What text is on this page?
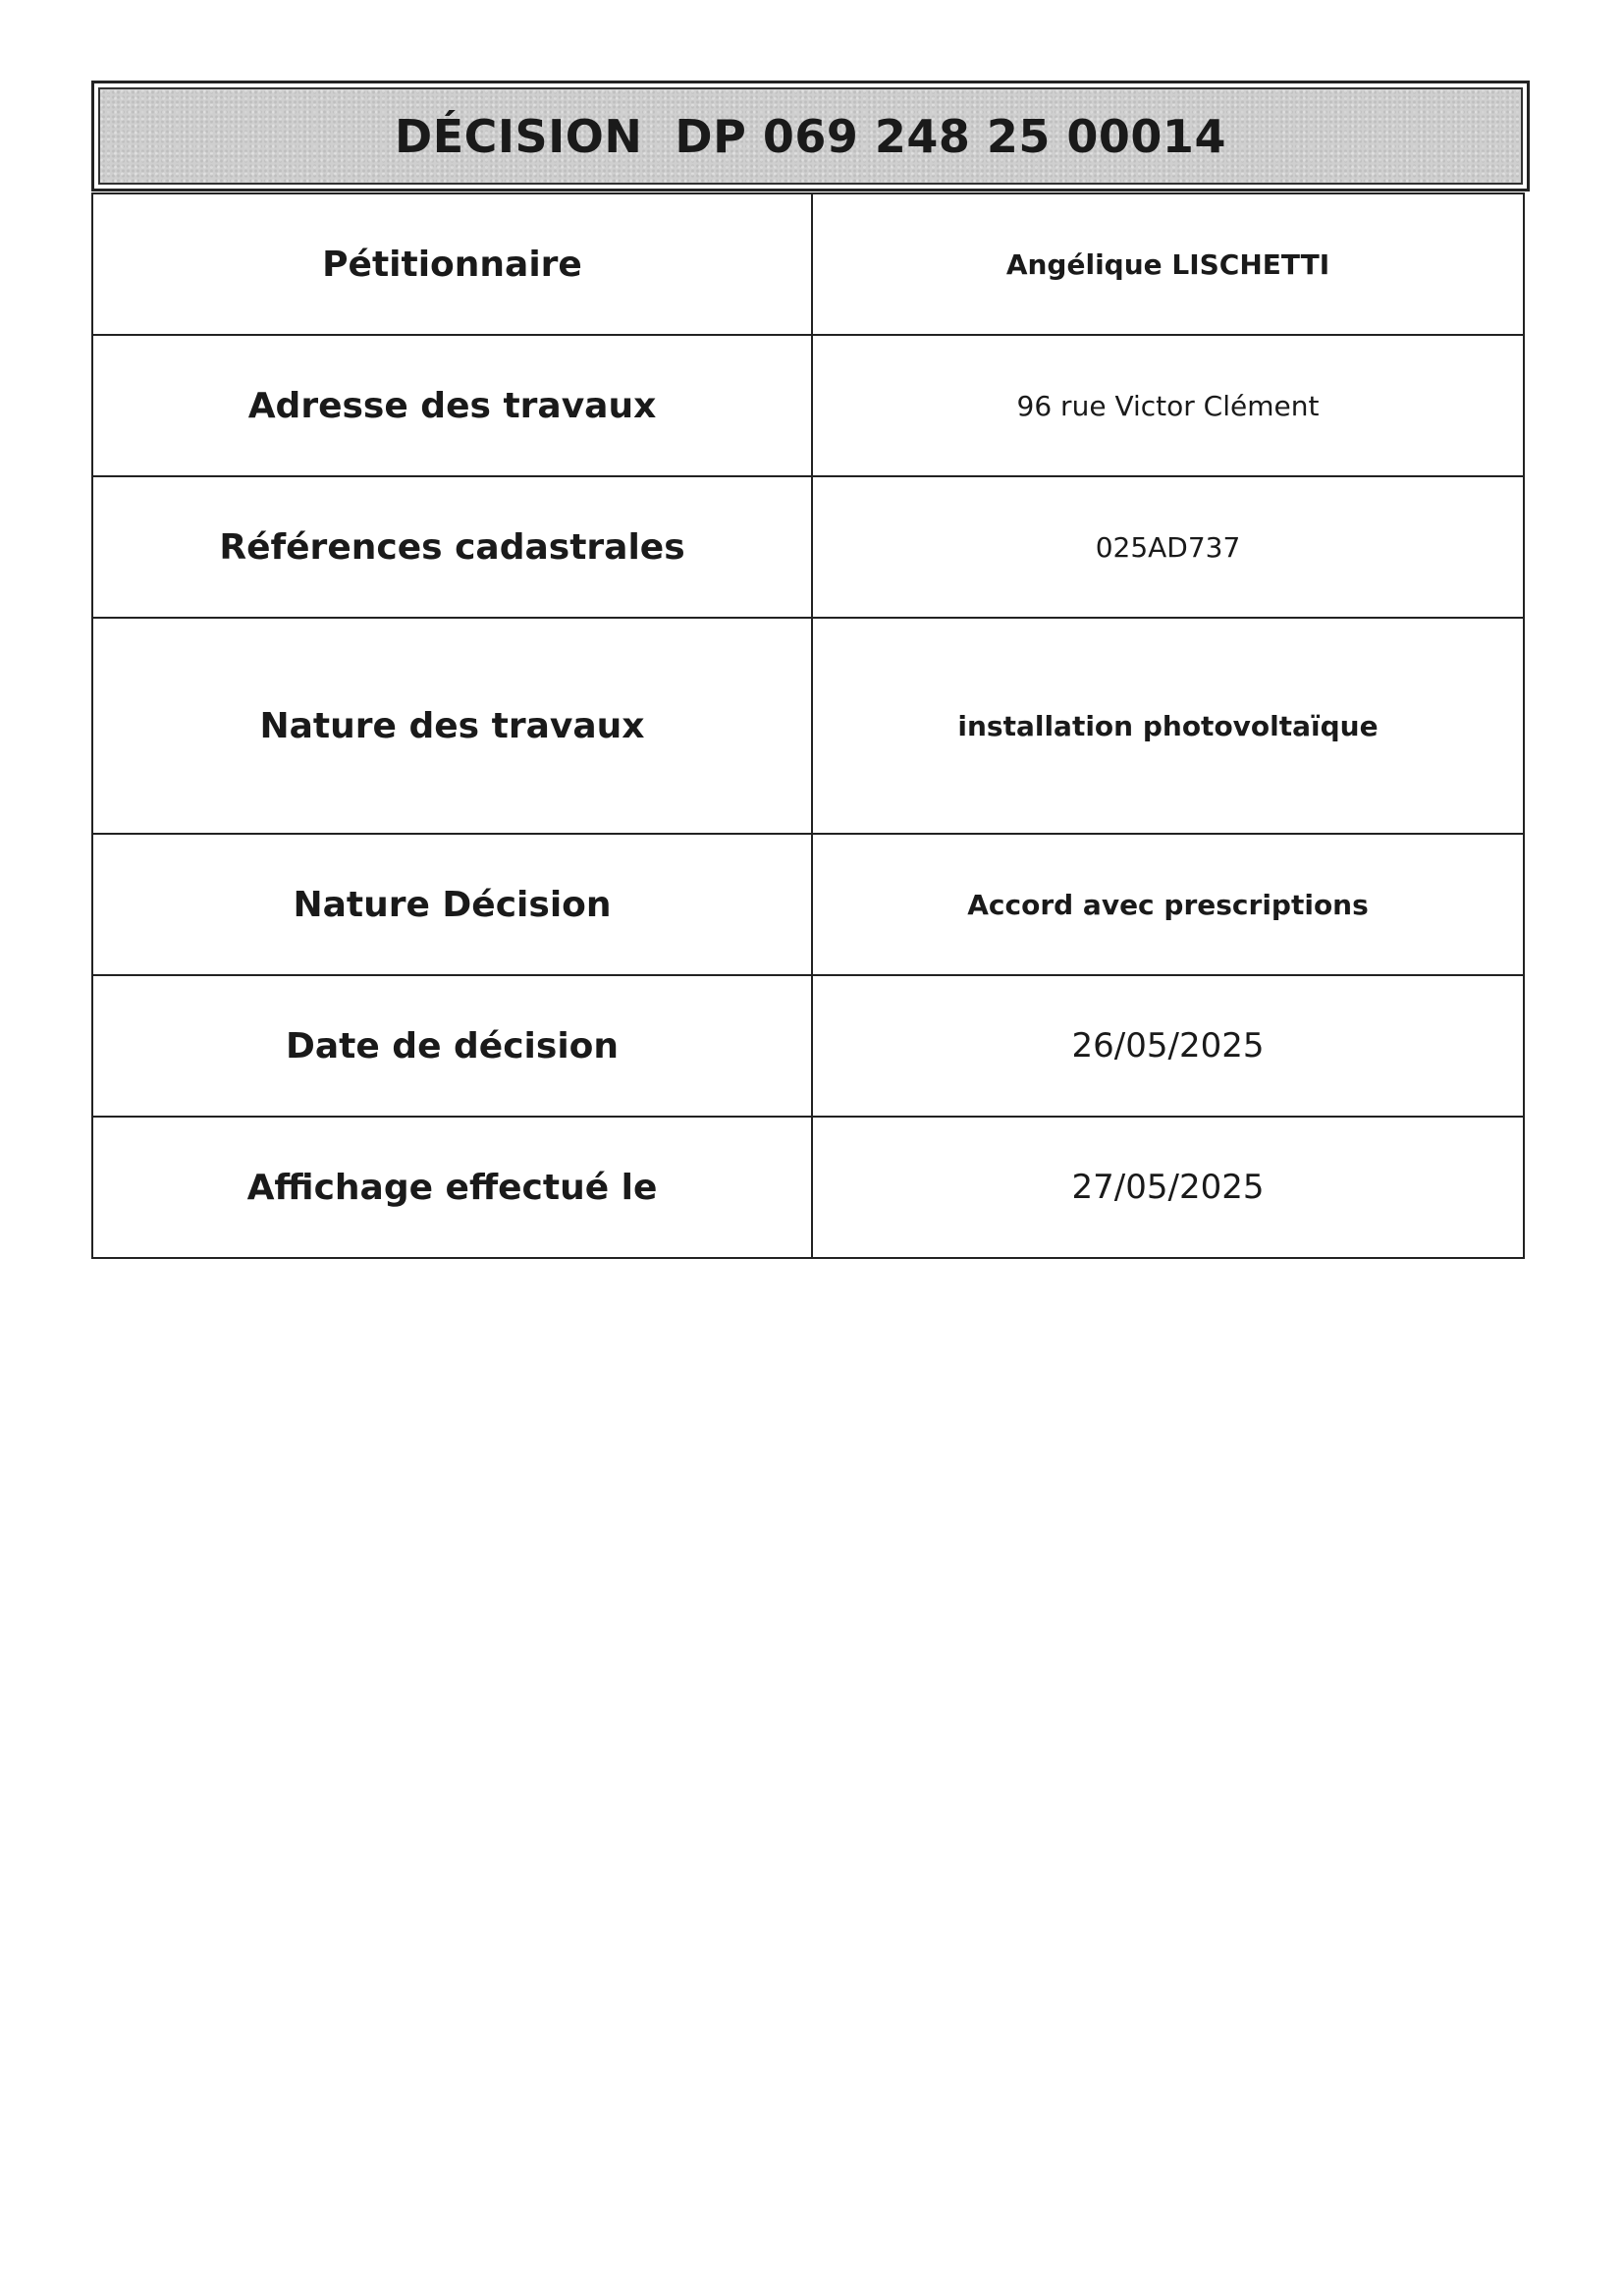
DÉCISION  DP 069 248 25 00014
Pétitionnaire	Angélique LISCHETTI
Adresse des travaux	96 rue Victor Clément
Références cadastrales	025AD737
Nature des travaux	installation photovoltaïque
Nature Décision	Accord avec prescriptions
Date de décision	26/05/2025
Affichage effectué le	27/05/2025
